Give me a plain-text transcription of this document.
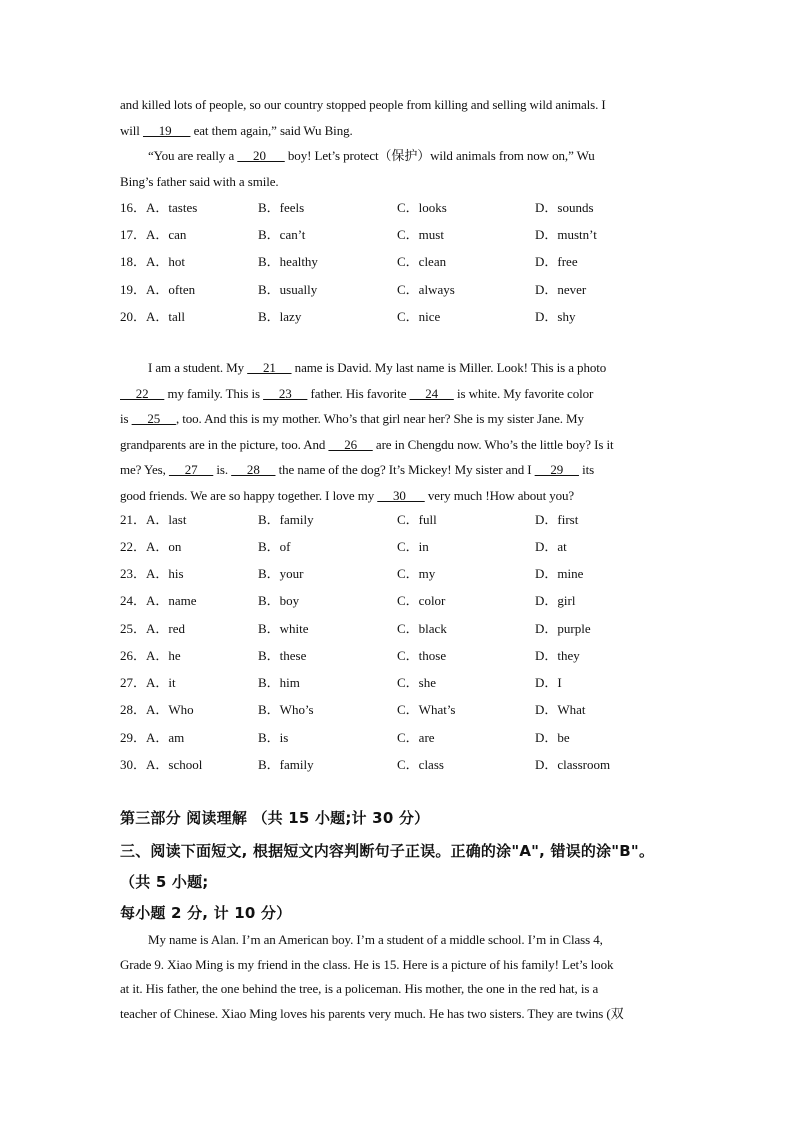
and killed lots of people, so our country stopped people from killing and selling wild animals. I
will      19       eat them again,” said Wu Bing.
“You are really a      20       boy! Let’s protect（保护）wild animals from now on,” Wu
Bing’s father said with a smile.
16．A．tastes	B．feels	C．looks	D．sounds
17．A．can	B．can’t	C．must	D．mustn’t
18．A．hot	B．healthy	C．clean	D．free
19．A．often	B．usually	C．always	D．never
20．A．tall	B．lazy	C．nice	D．shy
I am a student. My      21      name is David. My last name is Miller. Look! This is a photo
22      my family. This is      23      father. His favorite      24      is white. My favorite color
is      25     , too. And this is my mother. Who’s that girl near her? She is my sister Jane. My
grandparents are in the picture, too. And      26      are in Chengdu now. Who’s the little boy? Is it
me? Yes,      27      is.      28      the name of the dog? It’s Mickey! My sister and I      29      its
good friends. We are so happy together. I love my      30       very much !How about you?
21．A．last	B．family	C．full	D．first
22．A．on	B．of	C．in	D．at
23．A．his	B．your	C．my	D．mine
24．A．name	B．boy	C．color	D．girl
25．A．red	B．white	C．black	D．purple
26．A．he	B．these	C．those	D．they
27．A．it	B．him	C．she	D．I
28．A．Who	B．Who’s	C．What’s	D．What
29．A．am	B．is	C．are	D．be
30．A．school	B．family	C．class	D．classroom
第三部分 阅读理解 （共 15 小题;计 30 分）
三、阅读下面短文, 根据短文内容判断句子正误。正确的涂"A", 错误的涂"B"。
（共 5 小题;
每小题 2 分, 计 10 分）
My name is Alan. I’m an American boy. I’m a student of a middle school. I’m in Class 4,
Grade 9. Xiao Ming is my friend in the class. He is 15. Here is a picture of his family! Let’s look
at it. His father, the one behind the tree, is a policeman. His mother, the one in the red hat, is a
teacher of Chinese. Xiao Ming loves his parents very much. He has two sisters. They are twins (双
